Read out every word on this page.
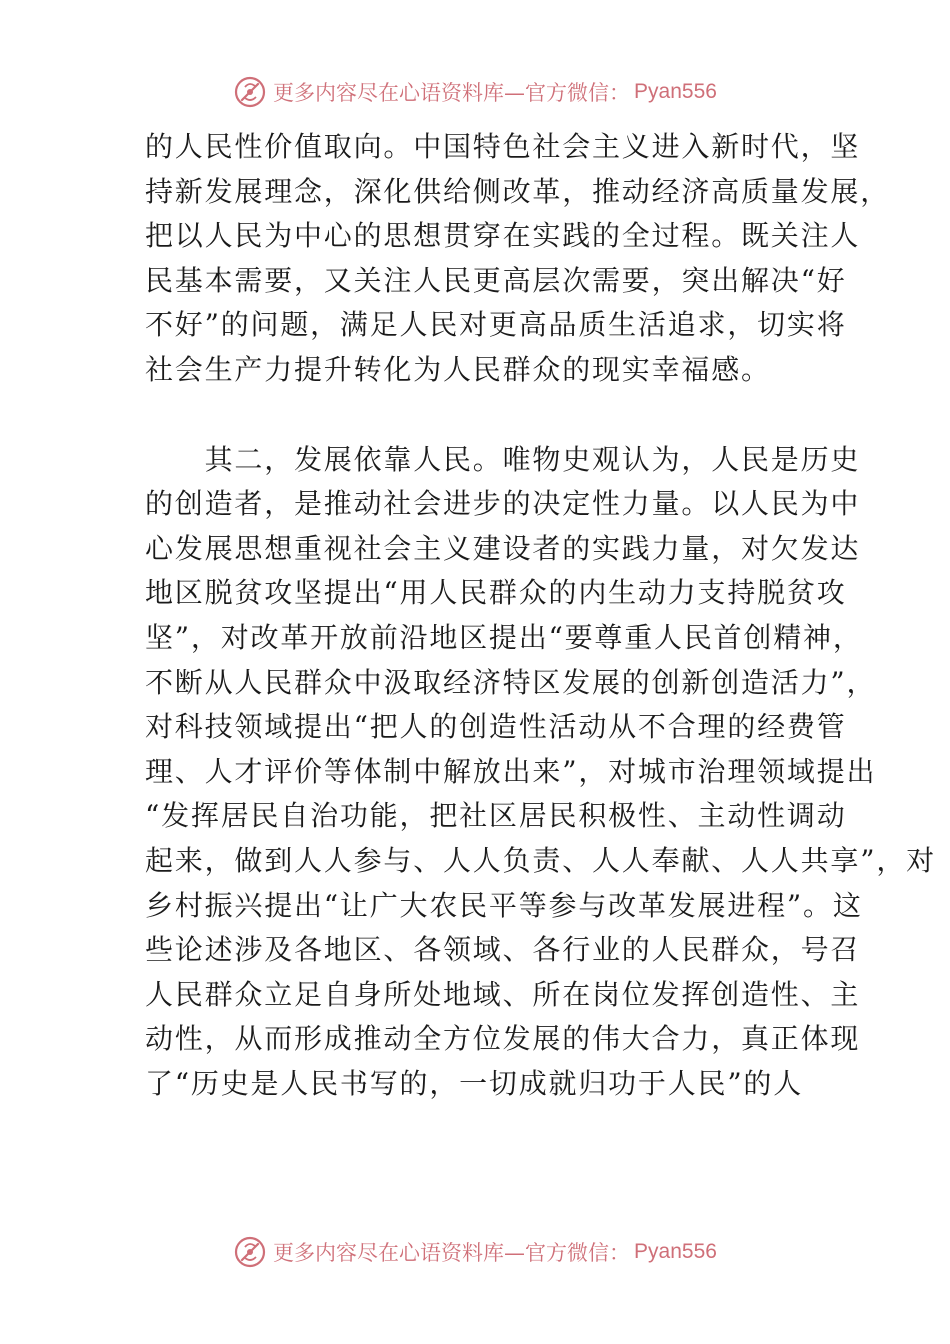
更多内容尽在心语资料库—官方微信： Pyan556
的人民性价值取向。中国特色社会主义进入新时代，坚
持新发展理念，深化供给侧改革，推动经济高质量发展，
把以人民为中心的思想贯穿在实践的全过程。既关注人
民基本需要，又关注人民更高层次需要，突出解决“好
不好”的问题，满足人民对更高品质生活追求，切实将
社会生产力提升转化为人民群众的现实幸福感。
　　其二，发展依靠人民。唯物史观认为，人民是历史
的创造者，是推动社会进步的决定性力量。以人民为中
心发展思想重视社会主义建设者的实践力量，对欠发达
地区脱贫攻坚提出“用人民群众的内生动力支持脱贫攻
坚”，对改革开放前沿地区提出“要尊重人民首创精神，
不断从人民群众中汲取经济特区发展的创新创造活力”，
对科技领域提出“把人的创造性活动从不合理的经费管
理、人才评价等体制中解放出来”，对城市治理领域提出
“发挥居民自治功能，把社区居民积极性、主动性调动
起来，做到人人参与、人人负责、人人奉献、人人共享”，对
乡村振兴提出“让广大农民平等参与改革发展进程”。这
些论述涉及各地区、各领域、各行业的人民群众，号召
人民群众立足自身所处地域、所在岗位发挥创造性、主
动性，从而形成推动全方位发展的伟大合力，真正体现
了“历史是人民书写的，一切成就归功于人民”的人
更多内容尽在心语资料库—官方微信： Pyan556
